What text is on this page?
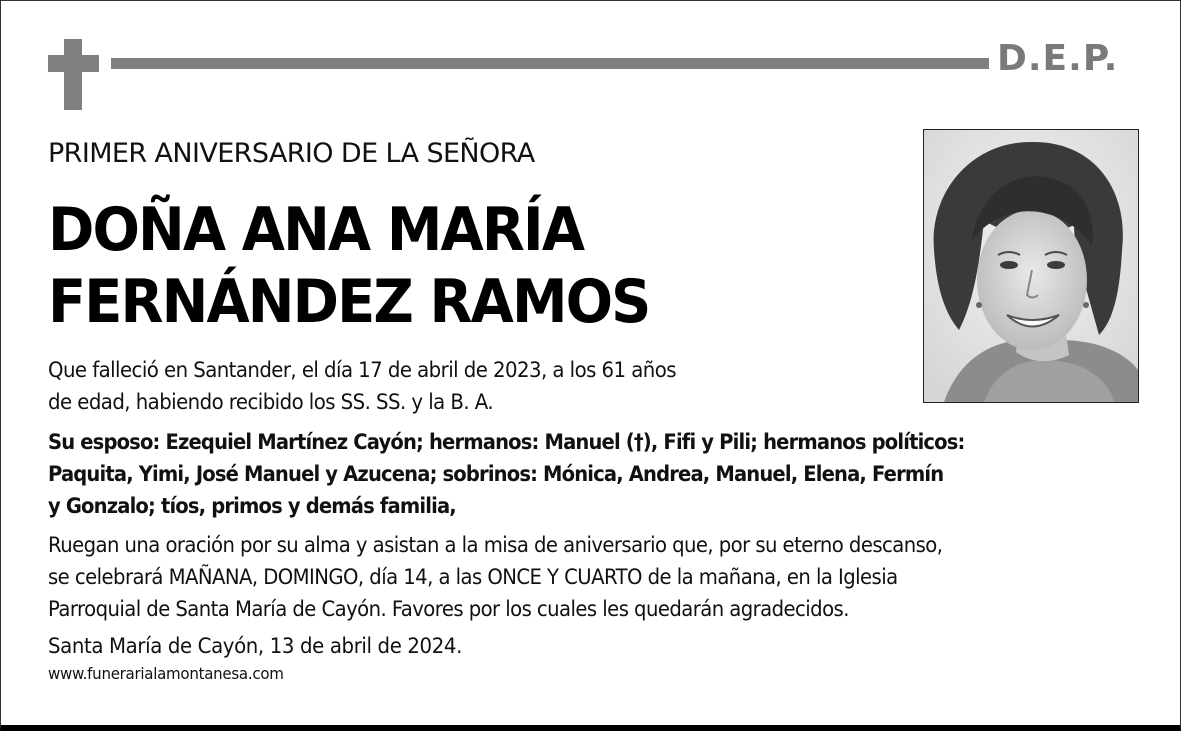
D.E.P.
PRIMER ANIVERSARIO DE LA SEÑORA
DOÑA ANA MARÍA
FERNÁNDEZ RAMOS
Que falleció en Santander, el día 17 de abril de 2023, a los 61 años
de edad, habiendo recibido los SS. SS. y la B. A.
Su esposo: Ezequiel Martínez Cayón; hermanos: Manuel (†), Fifi y Pili; hermanos políticos:
Paquita, Yimi, José Manuel y Azucena; sobrinos: Mónica, Andrea, Manuel, Elena, Fermín
y Gonzalo; tíos, primos y demás familia,
Ruegan una oración por su alma y asistan a la misa de aniversario que, por su eterno descanso,
se celebrará MAÑANA, DOMINGO, día 14, a las ONCE Y CUARTO de la mañana, en la Iglesia
Parroquial de Santa María de Cayón. Favores por los cuales les quedarán agradecidos.
Santa María de Cayón, 13 de abril de 2024.
www.funerarialamontanesa.com
